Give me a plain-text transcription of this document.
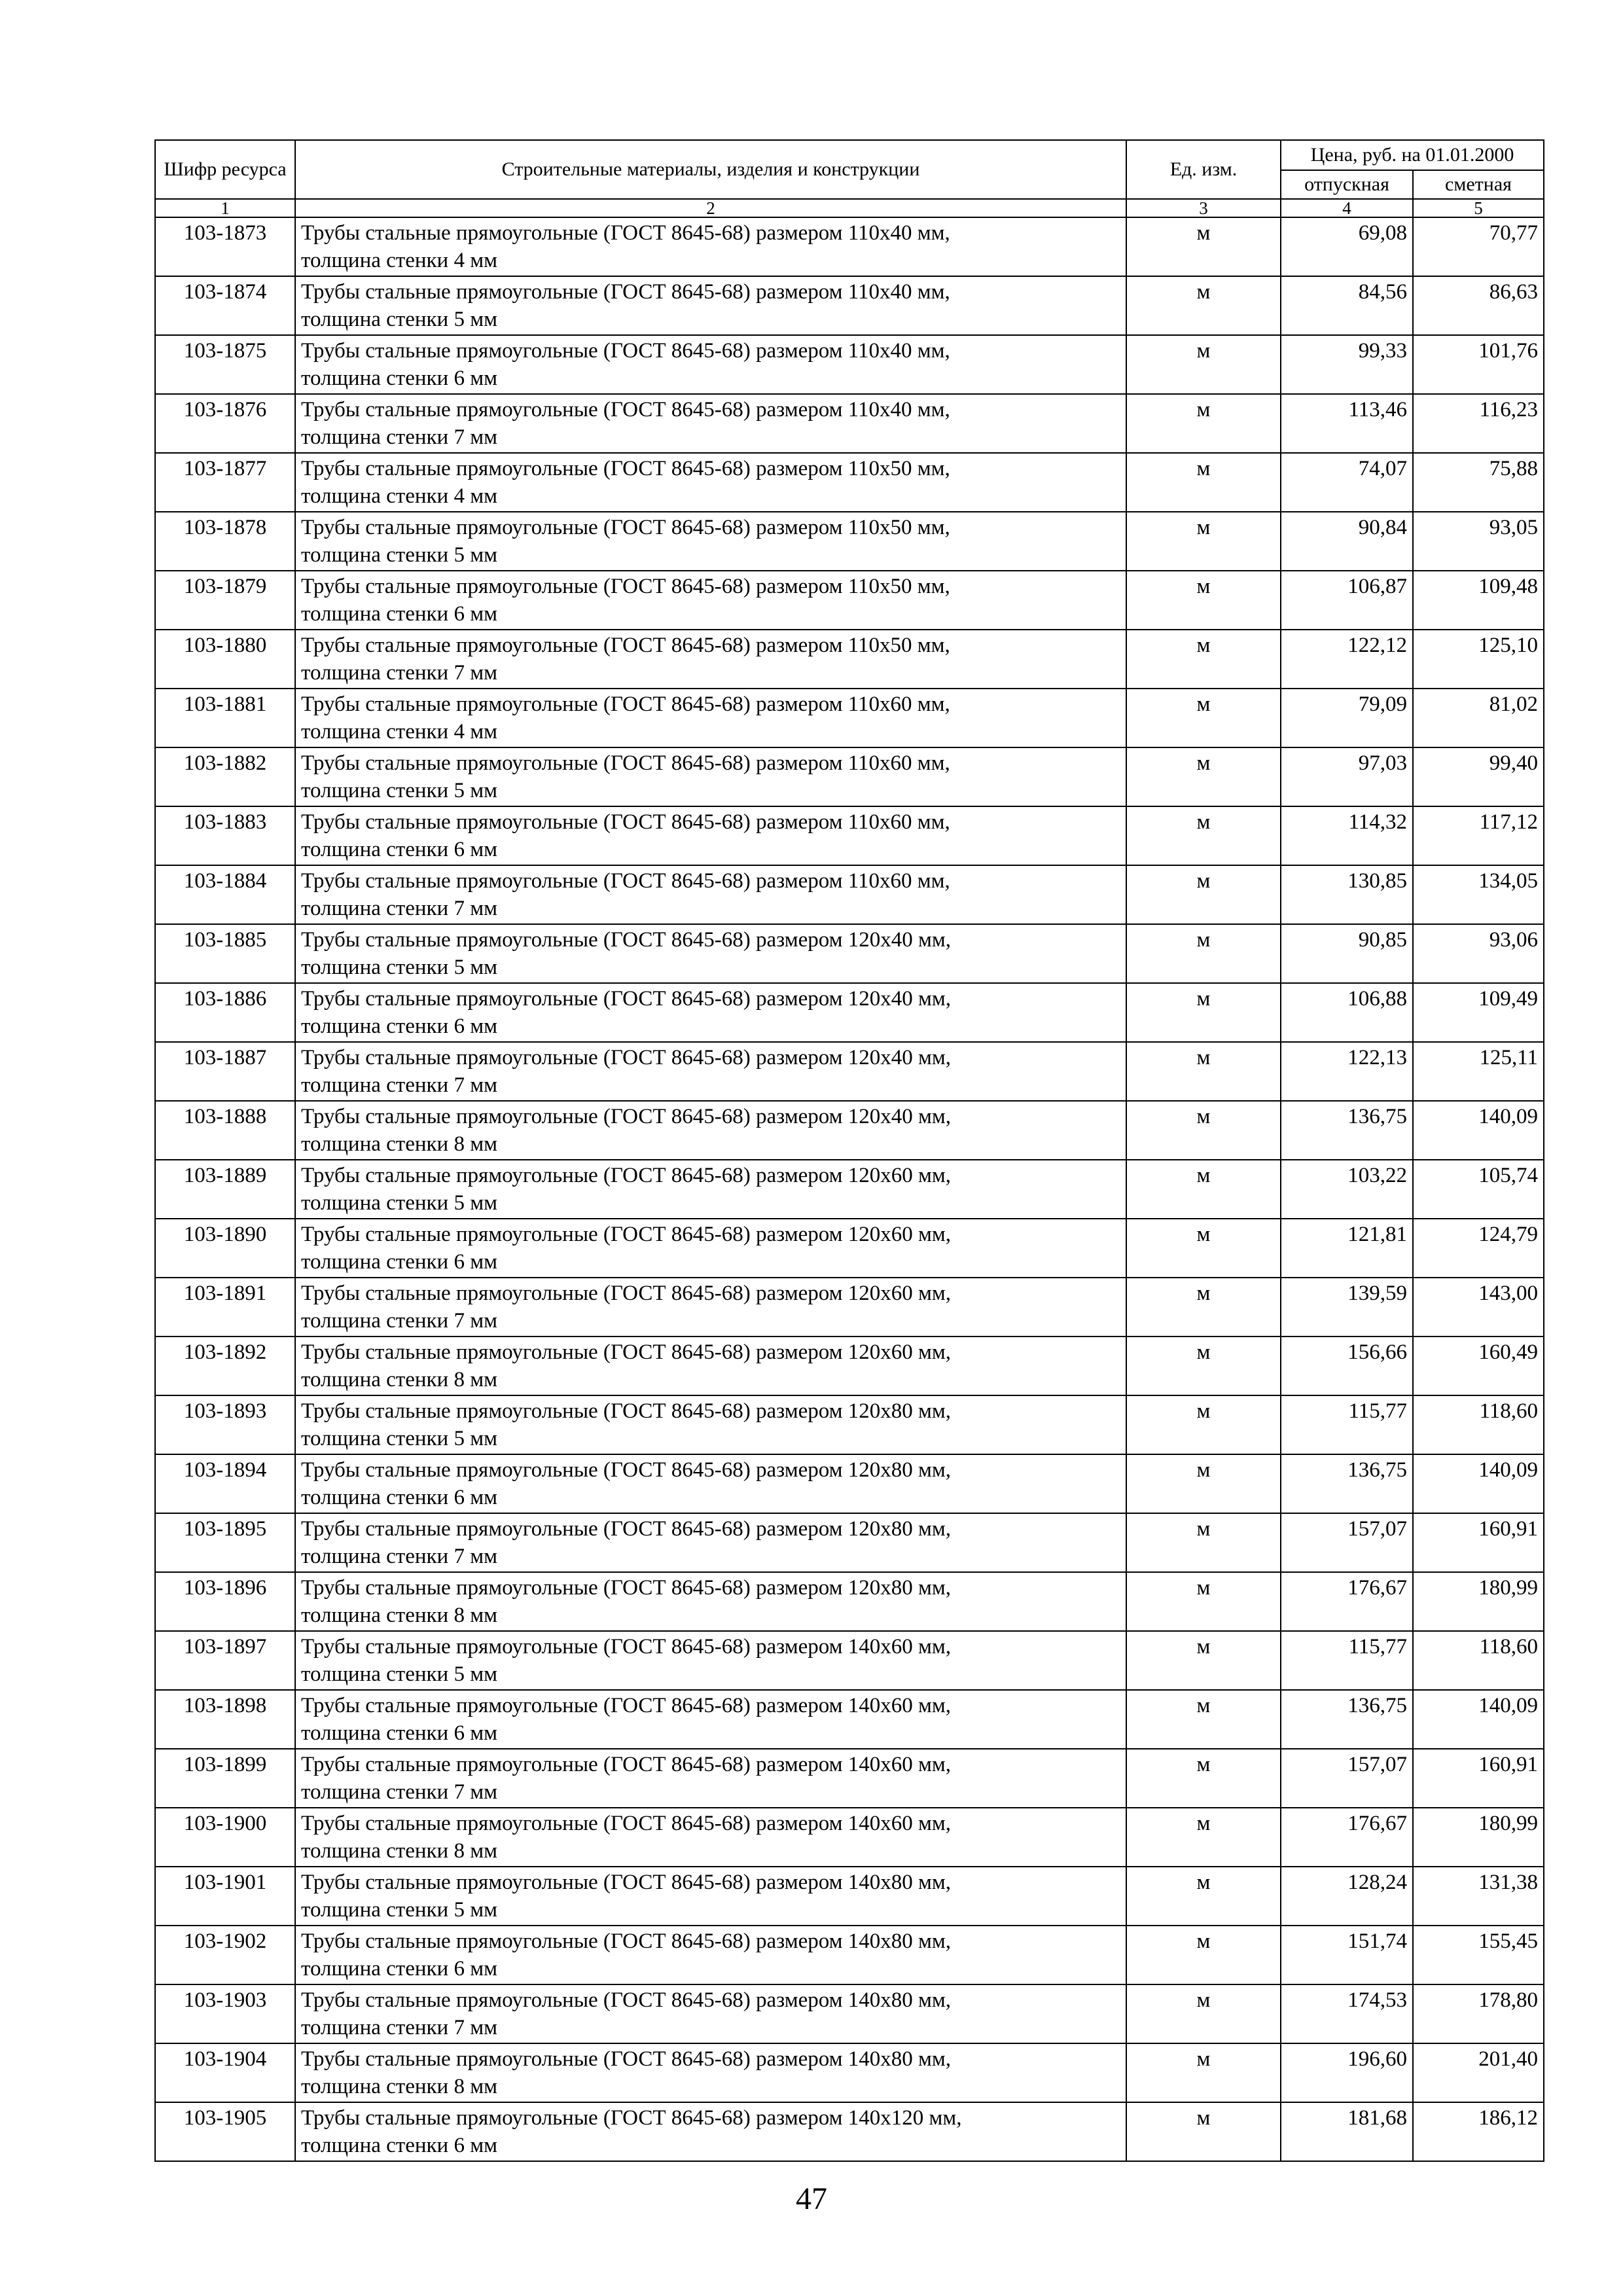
Шифр ресурса	Строительные материалы, изделия и конструкции	Ед. изм.	Цена, руб. на 01.01.2000	
			отпускная	сметная
1	2	3	4	5
103-1873	Трубы стальные прямоугольные (ГОСТ 8645-68) размером 110х40 мм,
толщина стенки 4 мм	м	69,08	70,77
103-1874	Трубы стальные прямоугольные (ГОСТ 8645-68) размером 110х40 мм,
толщина стенки 5 мм	м	84,56	86,63
103-1875	Трубы стальные прямоугольные (ГОСТ 8645-68) размером 110х40 мм,
толщина стенки 6 мм	м	99,33	101,76
103-1876	Трубы стальные прямоугольные (ГОСТ 8645-68) размером 110х40 мм,
толщина стенки 7 мм	м	113,46	116,23
103-1877	Трубы стальные прямоугольные (ГОСТ 8645-68) размером 110х50 мм,
толщина стенки 4 мм	м	74,07	75,88
103-1878	Трубы стальные прямоугольные (ГОСТ 8645-68) размером 110х50 мм,
толщина стенки 5 мм	м	90,84	93,05
103-1879	Трубы стальные прямоугольные (ГОСТ 8645-68) размером 110х50 мм,
толщина стенки 6 мм	м	106,87	109,48
103-1880	Трубы стальные прямоугольные (ГОСТ 8645-68) размером 110х50 мм,
толщина стенки 7 мм	м	122,12	125,10
103-1881	Трубы стальные прямоугольные (ГОСТ 8645-68) размером 110х60 мм,
толщина стенки 4 мм	м	79,09	81,02
103-1882	Трубы стальные прямоугольные (ГОСТ 8645-68) размером 110х60 мм,
толщина стенки 5 мм	м	97,03	99,40
103-1883	Трубы стальные прямоугольные (ГОСТ 8645-68) размером 110х60 мм,
толщина стенки 6 мм	м	114,32	117,12
103-1884	Трубы стальные прямоугольные (ГОСТ 8645-68) размером 110х60 мм,
толщина стенки 7 мм	м	130,85	134,05
103-1885	Трубы стальные прямоугольные (ГОСТ 8645-68) размером 120х40 мм,
толщина стенки 5 мм	м	90,85	93,06
103-1886	Трубы стальные прямоугольные (ГОСТ 8645-68) размером 120х40 мм,
толщина стенки 6 мм	м	106,88	109,49
103-1887	Трубы стальные прямоугольные (ГОСТ 8645-68) размером 120х40 мм,
толщина стенки 7 мм	м	122,13	125,11
103-1888	Трубы стальные прямоугольные (ГОСТ 8645-68) размером 120х40 мм,
толщина стенки 8 мм	м	136,75	140,09
103-1889	Трубы стальные прямоугольные (ГОСТ 8645-68) размером 120х60 мм,
толщина стенки 5 мм	м	103,22	105,74
103-1890	Трубы стальные прямоугольные (ГОСТ 8645-68) размером 120х60 мм,
толщина стенки 6 мм	м	121,81	124,79
103-1891	Трубы стальные прямоугольные (ГОСТ 8645-68) размером 120х60 мм,
толщина стенки 7 мм	м	139,59	143,00
103-1892	Трубы стальные прямоугольные (ГОСТ 8645-68) размером 120х60 мм,
толщина стенки 8 мм	м	156,66	160,49
103-1893	Трубы стальные прямоугольные (ГОСТ 8645-68) размером 120х80 мм,
толщина стенки 5 мм	м	115,77	118,60
103-1894	Трубы стальные прямоугольные (ГОСТ 8645-68) размером 120х80 мм,
толщина стенки 6 мм	м	136,75	140,09
103-1895	Трубы стальные прямоугольные (ГОСТ 8645-68) размером 120х80 мм,
толщина стенки 7 мм	м	157,07	160,91
103-1896	Трубы стальные прямоугольные (ГОСТ 8645-68) размером 120х80 мм,
толщина стенки 8 мм	м	176,67	180,99
103-1897	Трубы стальные прямоугольные (ГОСТ 8645-68) размером 140х60 мм,
толщина стенки 5 мм	м	115,77	118,60
103-1898	Трубы стальные прямоугольные (ГОСТ 8645-68) размером 140х60 мм,
толщина стенки 6 мм	м	136,75	140,09
103-1899	Трубы стальные прямоугольные (ГОСТ 8645-68) размером 140х60 мм,
толщина стенки 7 мм	м	157,07	160,91
103-1900	Трубы стальные прямоугольные (ГОСТ 8645-68) размером 140х60 мм,
толщина стенки 8 мм	м	176,67	180,99
103-1901	Трубы стальные прямоугольные (ГОСТ 8645-68) размером 140х80 мм,
толщина стенки 5 мм	м	128,24	131,38
103-1902	Трубы стальные прямоугольные (ГОСТ 8645-68) размером 140х80 мм,
толщина стенки 6 мм	м	151,74	155,45
103-1903	Трубы стальные прямоугольные (ГОСТ 8645-68) размером 140х80 мм,
толщина стенки 7 мм	м	174,53	178,80
103-1904	Трубы стальные прямоугольные (ГОСТ 8645-68) размером 140х80 мм,
толщина стенки 8 мм	м	196,60	201,40
103-1905	Трубы стальные прямоугольные (ГОСТ 8645-68) размером 140х120 мм,
толщина стенки 6 мм	м	181,68	186,12
47
